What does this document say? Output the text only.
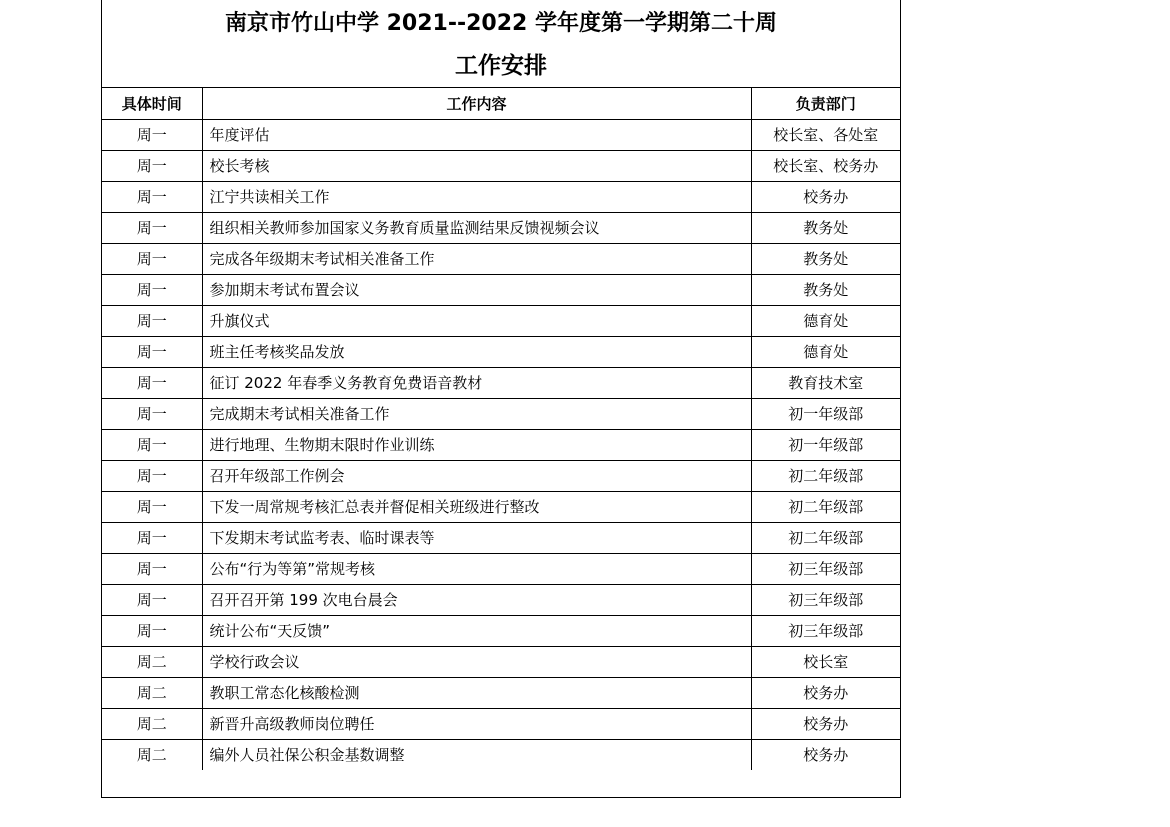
南京市竹山中学 2021--2022 学年度第一学期第二十周
工作安排
具体时间	工作内容	负责部门
周一	年度评估	校长室、各处室
周一	校长考核	校长室、校务办
周一	江宁共读相关工作	校务办
周一	组织相关教师参加国家义务教育质量监测结果反馈视频会议	教务处
周一	完成各年级期末考试相关准备工作	教务处
周一	参加期末考试布置会议	教务处
周一	升旗仪式	德育处
周一	班主任考核奖品发放	德育处
周一	征订 2022 年春季义务教育免费语音教材	教育技术室
周一	完成期末考试相关准备工作	初一年级部
周一	进行地理、生物期末限时作业训练	初一年级部
周一	召开年级部工作例会	初二年级部
周一	下发一周常规考核汇总表并督促相关班级进行整改	初二年级部
周一	下发期末考试监考表、临时课表等	初二年级部
周一	公布“行为等第”常规考核	初三年级部
周一	召开召开第 199 次电台晨会	初三年级部
周一	统计公布“天反馈”	初三年级部
周二	学校行政会议	校长室
周二	教职工常态化核酸检测	校务办
周二	新晋升高级教师岗位聘任	校务办
周二	编外人员社保公积金基数调整	校务办
